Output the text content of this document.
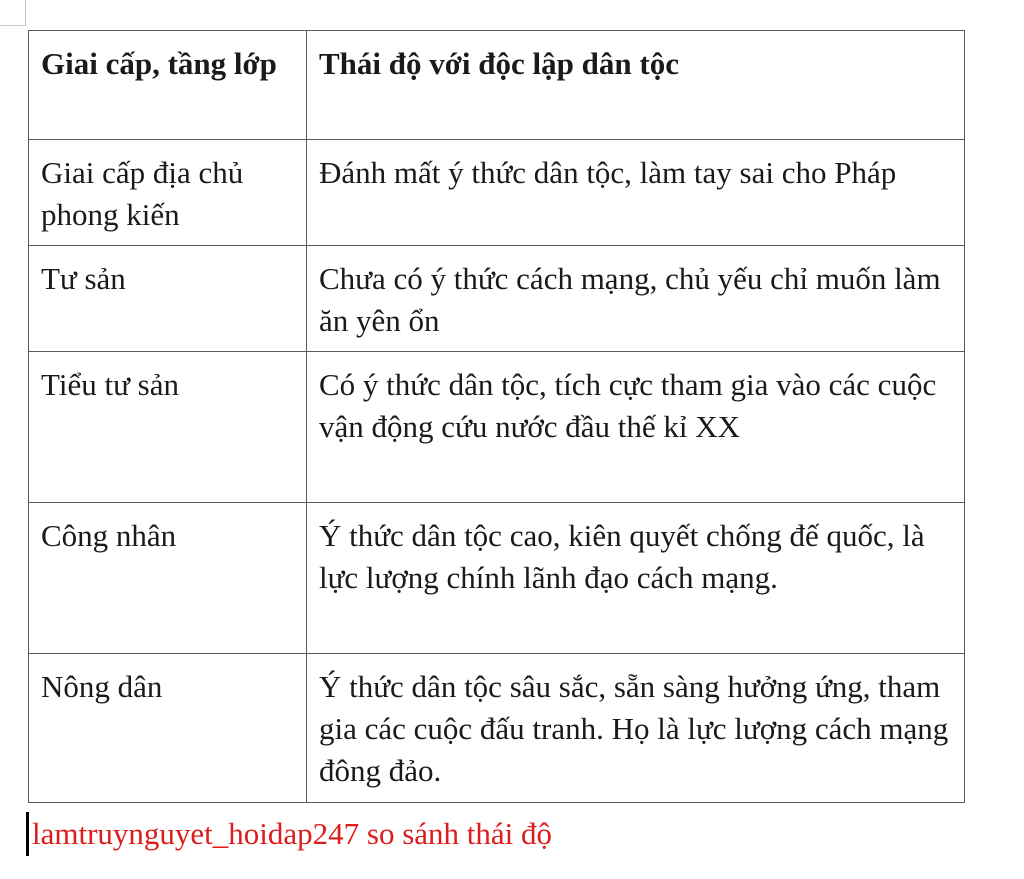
Giai cấp, tầng lớp	Thái độ với độc lập dân tộc
Giai cấp địa chủ phong kiến	Đánh mất ý thức dân tộc, làm tay sai cho Pháp
Tư sản	Chưa có ý thức cách mạng, chủ yếu chỉ muốn làm ăn yên ổn
Tiểu tư sản	Có ý thức dân tộc, tích cực tham gia vào các cuộc vận động cứu nước đầu thế kỉ XX
Công nhân	Ý thức dân tộc cao, kiên quyết chống đế quốc, là lực lượng chính lãnh đạo cách mạng.
Nông dân	Ý thức dân tộc sâu sắc, sẵn sàng hưởng ứng, tham gia các cuộc đấu tranh. Họ là lực lượng cách mạng đông đảo.
lamtruynguyet_hoidap247 so sánh thái độ
